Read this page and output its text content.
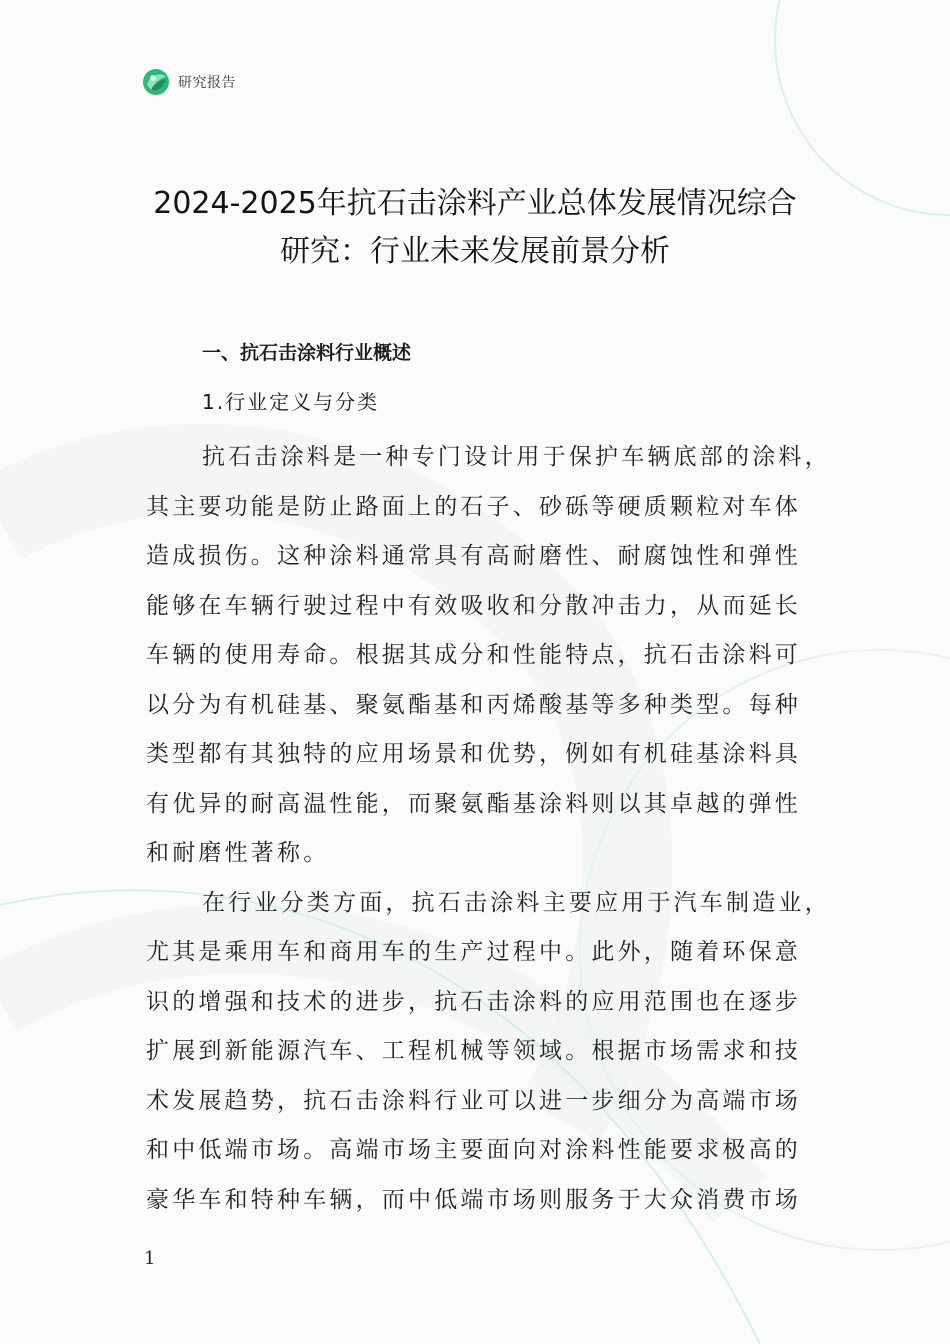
研究报告
2024-2025年抗石击涂料产业总体发展情况综合
研究：行业未来发展前景分析
一、抗石击涂料行业概述
1.行业定义与分类
抗石击涂料是一种专门设计用于保护车辆底部的涂料，
其主要功能是防止路面上的石子、砂砾等硬质颗粒对车体
造成损伤。这种涂料通常具有高耐磨性、耐腐蚀性和弹性
能够在车辆行驶过程中有效吸收和分散冲击力，从而延长
车辆的使用寿命。根据其成分和性能特点，抗石击涂料可
以分为有机硅基、聚氨酯基和丙烯酸基等多种类型。每种
类型都有其独特的应用场景和优势，例如有机硅基涂料具
有优异的耐高温性能，而聚氨酯基涂料则以其卓越的弹性
和耐磨性著称。
在行业分类方面，抗石击涂料主要应用于汽车制造业，
尤其是乘用车和商用车的生产过程中。此外，随着环保意
识的增强和技术的进步，抗石击涂料的应用范围也在逐步
扩展到新能源汽车、工程机械等领域。根据市场需求和技
术发展趋势，抗石击涂料行业可以进一步细分为高端市场
和中低端市场。高端市场主要面向对涂料性能要求极高的
豪华车和特种车辆，而中低端市场则服务于大众消费市场
1
